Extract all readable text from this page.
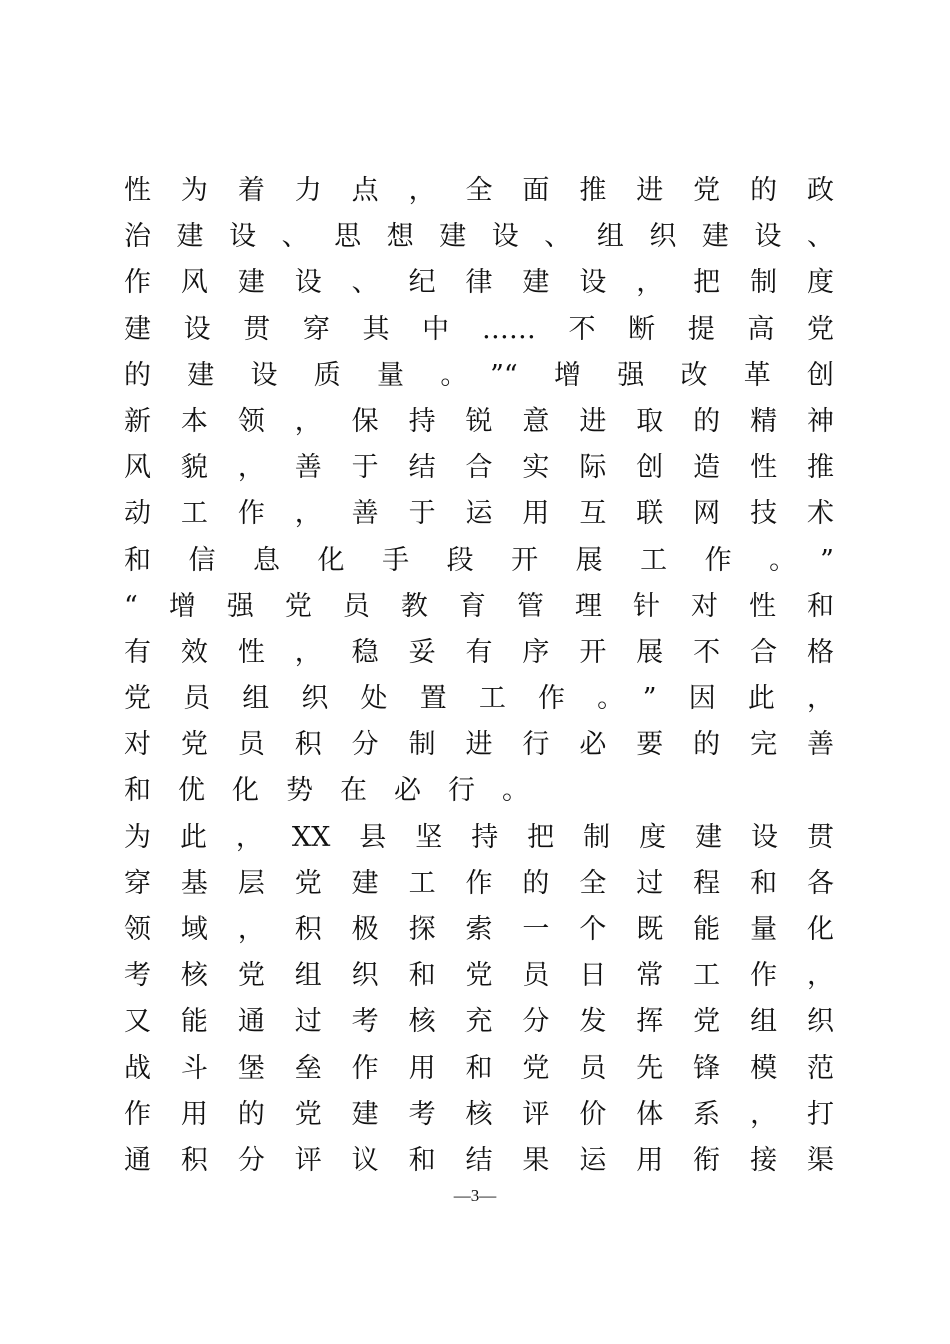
性为着力点，全面推进党的政
治建设、思想建设、组织建设、
作风建设、纪律建设，把制度
建设贯穿其中……不断提高党
的建设质量。”“增强改革创
新本领，保持锐意进取的精神
风貌，善于结合实际创造性推
动工作，善于运用互联网技术
和信息化手段开展工作。”
“增强党员教育管理针对性和
有效性，稳妥有序开展不合格
党员组织处置工作。”因此，
对党员积分制进行必要的完善
和优化势在必行。
为此，XX县坚持把制度建设贯
穿基层党建工作的全过程和各
领域，积极探索一个既能量化
考核党组织和党员日常工作，
又能通过考核充分发挥党组织
战斗堡垒作用和党员先锋模范
作用的党建考核评价体系，打
通积分评议和结果运用衔接渠
—3—
